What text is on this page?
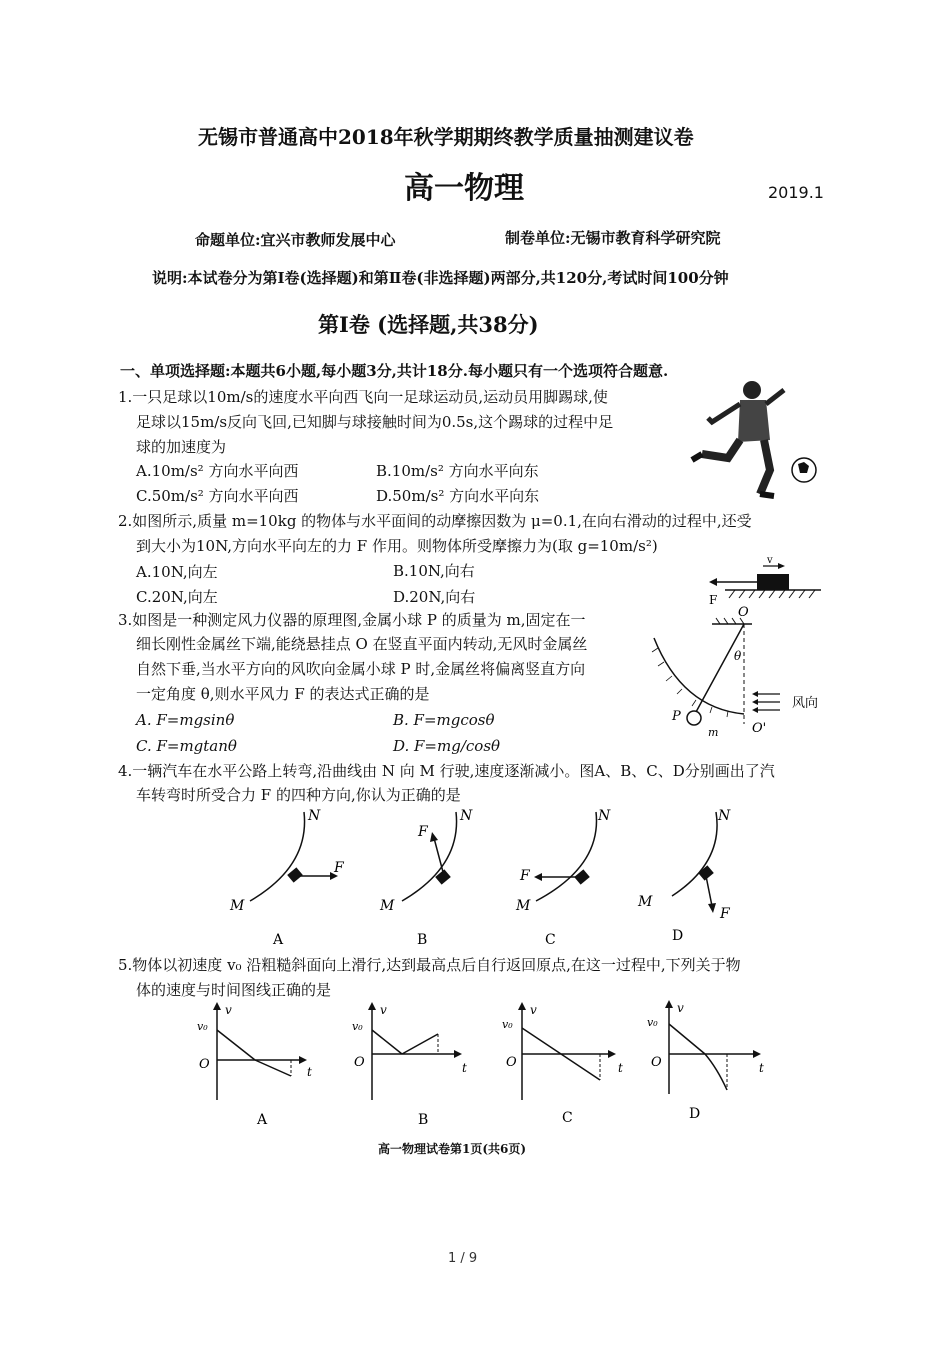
无锡市普通高中2018年秋学期期终教学质量抽测建议卷
高一物理	2019.1
命题单位:宜兴市教师发展中心	制卷单位:无锡市教育科学研究院
说明:本试卷分为第Ⅰ卷(选择题)和第Ⅱ卷(非选择题)两部分,共120分,考试时间100分钟
第Ⅰ卷 (选择题,共38分)
一、单项选择题:本题共6小题,每小题3分,共计18分.每小题只有一个选项符合题意.
1.一只足球以10m/s的速度水平向西飞向一足球运动员,运动员用脚踢球,使
足球以15m/s反向飞回,已知脚与球接触时间为0.5s,这个踢球的过程中足
球的加速度为
A.10m/s² 方向水平向西	B.10m/s² 方向水平向东
C.50m/s² 方向水平向西	D.50m/s² 方向水平向东
2.如图所示,质量 m=10kg 的物体与水平面间的动摩擦因数为 μ=0.1,在向右滑动的过程中,还受
到大小为10N,方向水平向左的力 F 作用。则物体所受摩擦力为(取 g=10m/s²)
A.10N,向左	B.10N,向右
C.20N,向左	D.20N,向右
v
F
3.如图是一种测定风力仪器的原理图,金属小球 P 的质量为 m,固定在一
细长刚性金属丝下端,能绕悬挂点 O 在竖直平面内转动,无风时金属丝
自然下垂,当水平方向的风吹向金属小球 P 时,金属丝将偏离竖直方向
一定角度 θ,则水平风力 F 的表达式正确的是
A. F=mgsinθ	B. F=mgcosθ
C. F=mgtanθ	D. F=mg/cosθ
O
θ
风向
P
m	O'
4.一辆汽车在水平公路上转弯,沿曲线由 N 向 M 行驶,速度逐渐减小。图A、B、C、D分别画出了汽
车转弯时所受合力 F 的四种方向,你认为正确的是
N
M
F
A
N
M
F
B
N
M
F
C
N
M
F
D
5.物体以初速度 v₀ 沿粗糙斜面向上滑行,达到最高点后自行返回原点,在这一过程中,下列关于物
体的速度与时间图线正确的是
v₀
v
O	t
A
v₀
v
O	t
B
v₀
v
O	t
C
v₀
v
O	t
D
高一物理试卷第1页(共6页)
1 / 9
